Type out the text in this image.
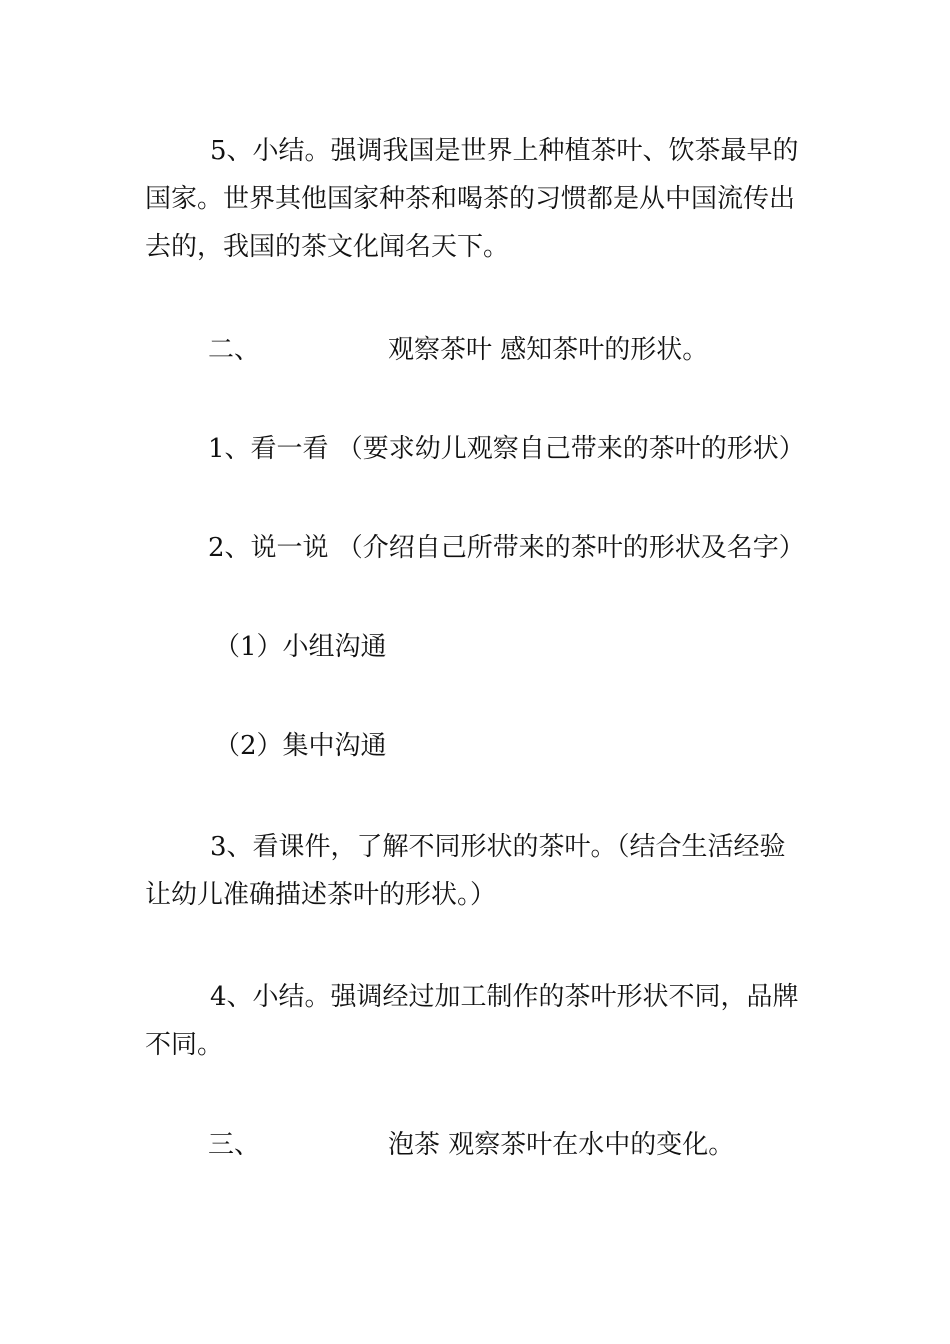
5、小结。强调我国是世界上种植茶叶、饮茶最早的
国家。世界其他国家种茶和喝茶的习惯都是从中国流传出
去的，我国的茶文化闻名天下。
二、	观察茶叶 感知茶叶的形状。
1、看一看 （要求幼儿观察自己带来的茶叶的形状）
2、说一说 （介绍自己所带来的茶叶的形状及名字）
（1）小组沟通
（2）集中沟通
3、看课件，了解不同形状的茶叶。（结合生活经验
让幼儿准确描述茶叶的形状。）
4、小结。强调经过加工制作的茶叶形状不同，品牌
不同。
三、	泡茶 观察茶叶在水中的变化。
